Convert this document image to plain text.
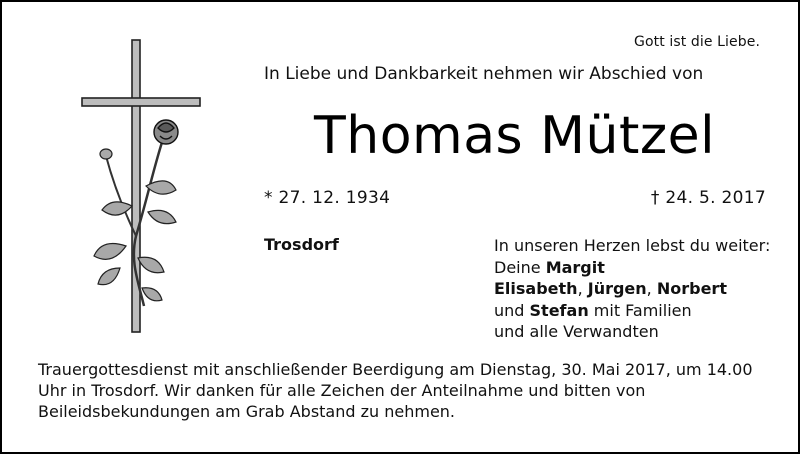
Gott ist die Liebe.
In Liebe und Dankbarkeit nehmen wir Abschied von
Thomas Mützel
* 27. 12. 1934	† 24. 5. 2017
Trosdorf	In unseren Herzen lebst du weiter:
Deine Margit
Elisabeth, Jürgen, Norbert
und Stefan mit Familien
und alle Verwandten
Trauergottesdienst mit anschließender Beerdigung am Dienstag, 30. Mai 2017, um 14.00 Uhr in Trosdorf. Wir danken für alle Zeichen der Anteilnahme und bitten von Beileidsbekundungen am Grab Abstand zu nehmen.
